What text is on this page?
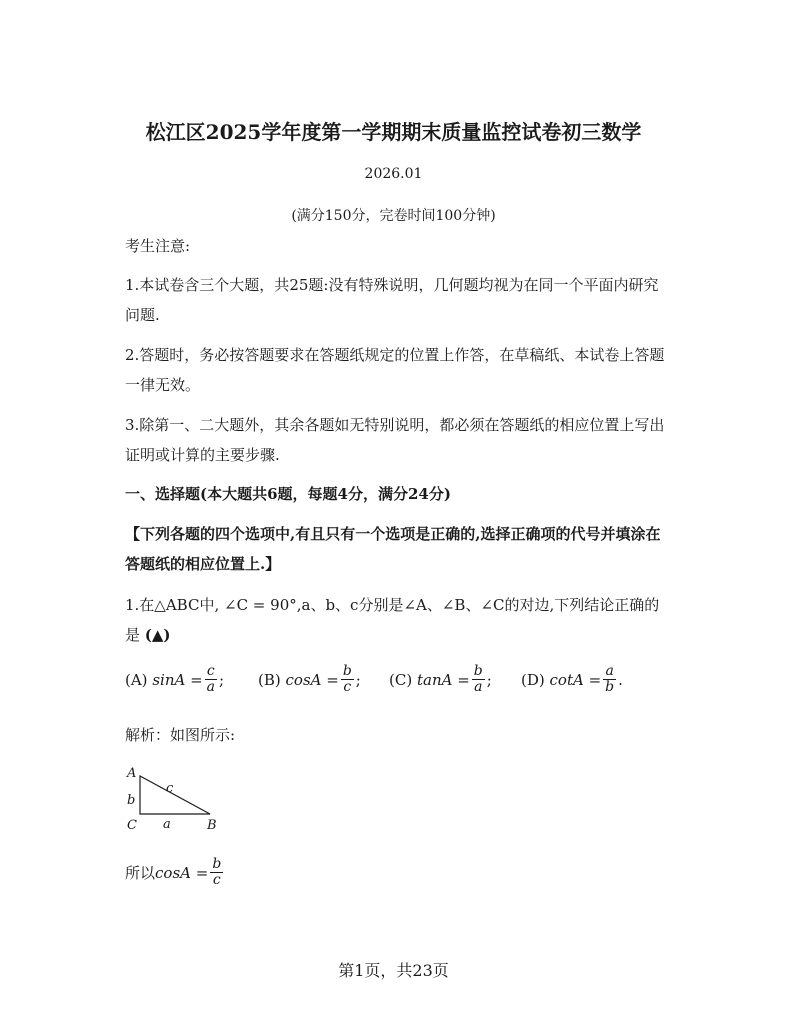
松江区2025学年度第一学期期末质量监控试卷初三数学
2026.01
(满分150分，完卷时间100分钟)
考生注意:
1.本试卷含三个大题，共25题:没有特殊说明，几何题均视为在同一个平面内研究问题.
2.答题时，务必按答题要求在答题纸规定的位置上作答，在草稿纸、本试卷上答题一律无效。
3.除第一、二大题外，其余各题如无特别说明，都必须在答题纸的相应位置上写出证明或计算的主要步骤.
一、选择题(本大题共6题，每题4分，满分24分)
【下列各题的四个选项中,有且只有一个选项是正确的,选择正确项的代号并填涂在答题纸的相应位置上.】
1.在△ABC中, ∠C = 90°,a、b、c分别是∠A、∠B、∠C的对边,下列结论正确的是 (▲)
(A)
$\sin A = \frac{c}{a}$ ; (B)
$\cos A = \frac{b}{c}$ ; (C)
$\tan A = \frac{b}{a}$ ; (D)
$\cot A = \frac{a}{b}$ .
解析：如图所示:
A
B
C a
b
c
所以 $\cos A = \frac{b}{c}$
第1页，共23页
